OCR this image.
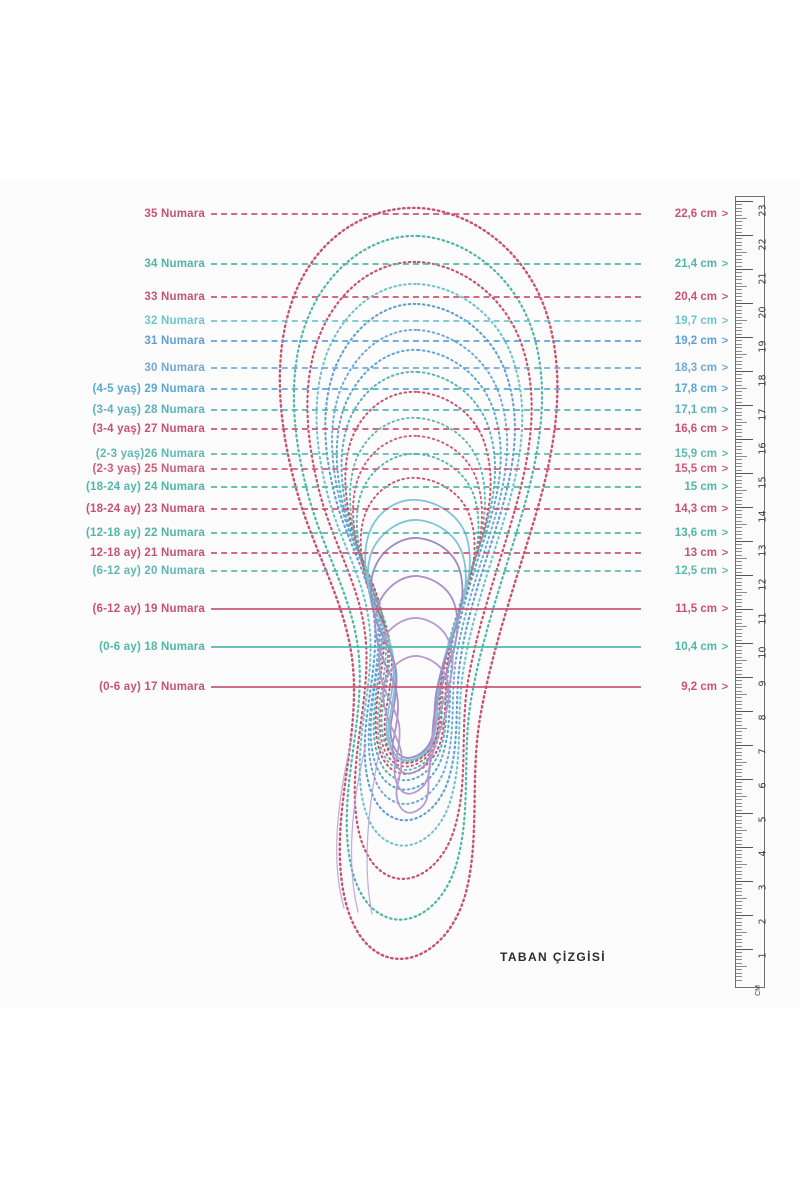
35 Numara	22,6 cm >
34 Numara	21,4 cm >
33 Numara	20,4 cm >
32 Numara	19,7 cm >
31 Numara	19,2 cm >
30 Numara	18,3 cm >
(4-5 yaş) 29 Numara	17,8 cm >
(3-4 yaş) 28 Numara	17,1 cm >
(3-4 yaş) 27 Numara	16,6 cm >
(2-3 yaş)26 Numara	15,9 cm >
(2-3 yaş) 25 Numara	15,5 cm >
(18-24 ay) 24 Numara	15 cm >
(18-24 ay) 23 Numara	14,3 cm >
(12-18 ay) 22 Numara	13,6 cm >
12-18 ay) 21 Numara	13 cm >
(6-12 ay) 20 Numara	12,5 cm >
(6-12 ay) 19 Numara	11,5 cm >
(0-6 ay) 18 Numara	10,4 cm >
(0-6 ay) 17 Numara	9,2 cm >
23
22
21
20
19
18
17
16
15
14
13
12
11
10
9
8
7
6
5
4
3
2
1
CM
TABAN ÇİZGİSİ
